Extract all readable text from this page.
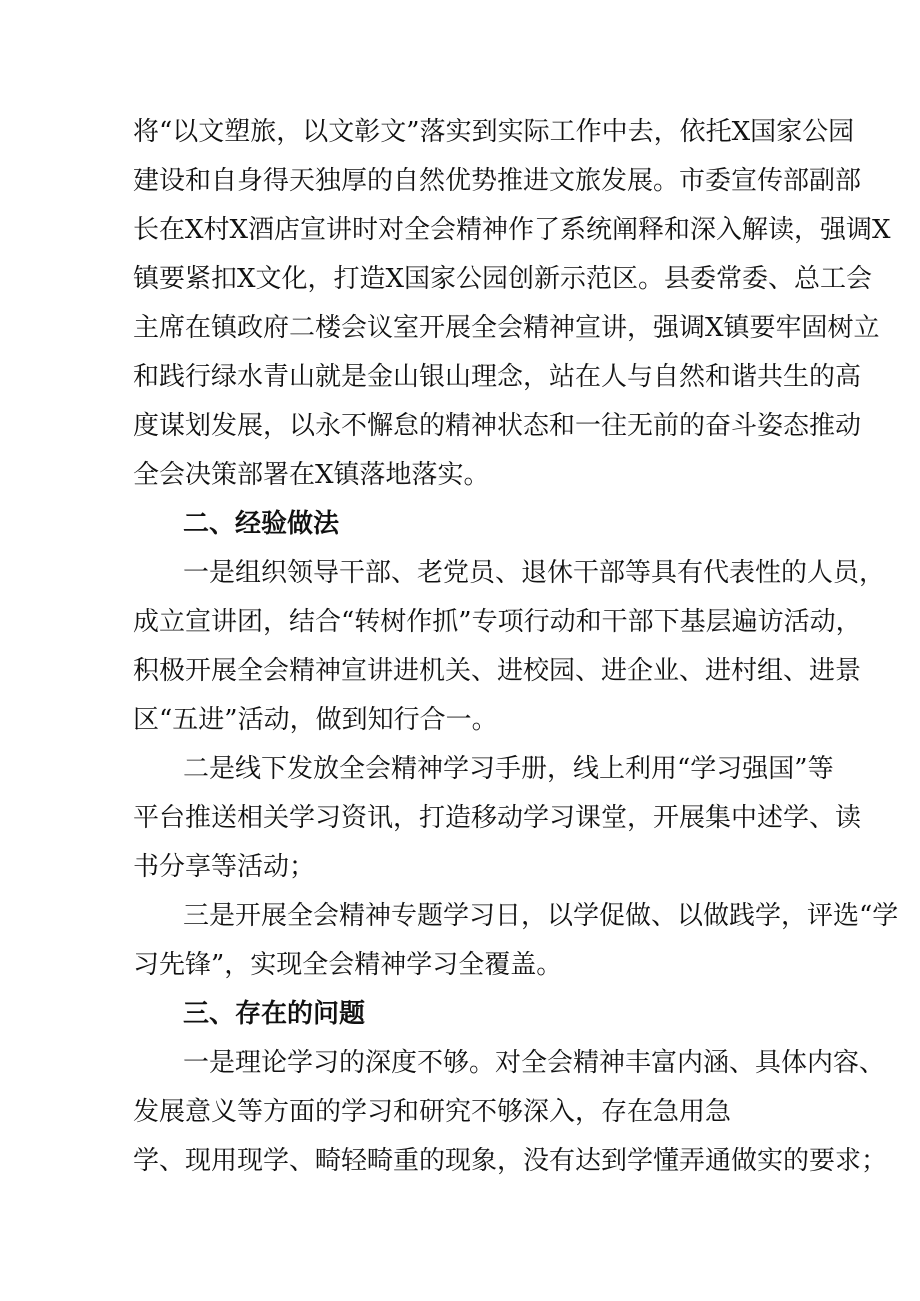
将“以文塑旅，以文彰文”落实到实际工作中去，依托X国家公园

建设和自身得天独厚的自然优势推进文旅发展。市委宣传部副部

长在X村X酒店宣讲时对全会精神作了系统阐释和深入解读，强调X

镇要紧扣X文化，打造X国家公园创新示范区。县委常委、总工会

主席在镇政府二楼会议室开展全会精神宣讲，强调X镇要牢固树立

和践行绿水青山就是金山银山理念，站在人与自然和谐共生的高

度谋划发展，以永不懈怠的精神状态和一往无前的奋斗姿态推动

全会决策部署在X镇落地落实。

二、经验做法

一是组织领导干部、老党员、退休干部等具有代表性的人员，

成立宣讲团，结合“转树作抓”专项行动和干部下基层遍访活动，

积极开展全会精神宣讲进机关、进校园、进企业、进村组、进景

区“五进”活动，做到知行合一。

二是线下发放全会精神学习手册，线上利用“学习强国”等

平台推送相关学习资讯，打造移动学习课堂，开展集中述学、读

书分享等活动；

三是开展全会精神专题学习日，以学促做、以做践学，评选“学

习先锋”，实现全会精神学习全覆盖。

三、存在的问题

一是理论学习的深度不够。对全会精神丰富内涵、具体内容、

发展意义等方面的学习和研究不够深入，存在急用急

学、现用现学、畸轻畸重的现象，没有达到学懂弄通做实的要求；
